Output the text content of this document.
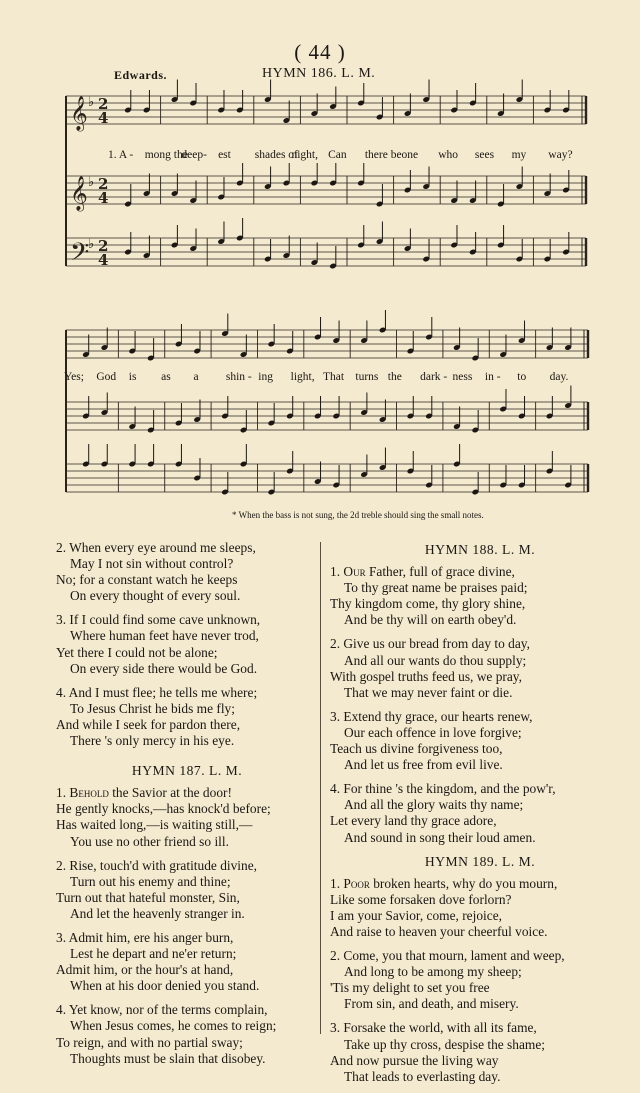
( 44 )
Edwards.	HYMN 186. L. M.
𝄞 ♭ 2
4
𝄞 ♭ 2
4
𝄢
♭ 2
4
1. A - mong the
deep- est shades of
night, Can there be one who sees my way?
Yes; God is as a shin - ing light, That turns the dark - ness in - to day.
* When the bass is not sung, the 2d treble should sing the small notes.
2. When every eye around me sleeps,
May I not sin without control?
No; for a constant watch he keeps
On every thought of every soul.
3. If I could find some cave unknown,
Where human feet have never trod,
Yet there I could not be alone;
On every side there would be God.
4. And I must flee; he tells me where;
To Jesus Christ he bids me fly;
And while I seek for pardon there,
There 's only mercy in his eye.
HYMN 187. L. M.
1. Behold the Savior at the door!
He gently knocks,—has knock'd before;
Has waited long,—is waiting still,—
You use no other friend so ill.
2. Rise, touch'd with gratitude divine,
Turn out his enemy and thine;
Turn out that hateful monster, Sin,
And let the heavenly stranger in.
3. Admit him, ere his anger burn,
Lest he depart and ne'er return;
Admit him, or the hour's at hand,
When at his door denied you stand.
4. Yet know, nor of the terms complain,
When Jesus comes, he comes to reign;
To reign, and with no partial sway;
Thoughts must be slain that disobey.
HYMN 188. L. M.
1. Our Father, full of grace divine,
To thy great name be praises paid;
Thy kingdom come, thy glory shine,
And be thy will on earth obey'd.
2. Give us our bread from day to day,
And all our wants do thou supply;
With gospel truths feed us, we pray,
That we may never faint or die.
3. Extend thy grace, our hearts renew,
Our each offence in love forgive;
Teach us divine forgiveness too,
And let us free from evil live.
4. For thine 's the kingdom, and the pow'r,
And all the glory waits thy name;
Let every land thy grace adore,
And sound in song their loud amen.
HYMN 189. L. M.
1. Poor broken hearts, why do you mourn,
Like some forsaken dove forlorn?
I am your Savior, come, rejoice,
And raise to heaven your cheerful voice.
2. Come, you that mourn, lament and weep,
And long to be among my sheep;
'Tis my delight to set you free
From sin, and death, and misery.
3. Forsake the world, with all its fame,
Take up thy cross, despise the shame;
And now pursue the living way
That leads to everlasting day.
